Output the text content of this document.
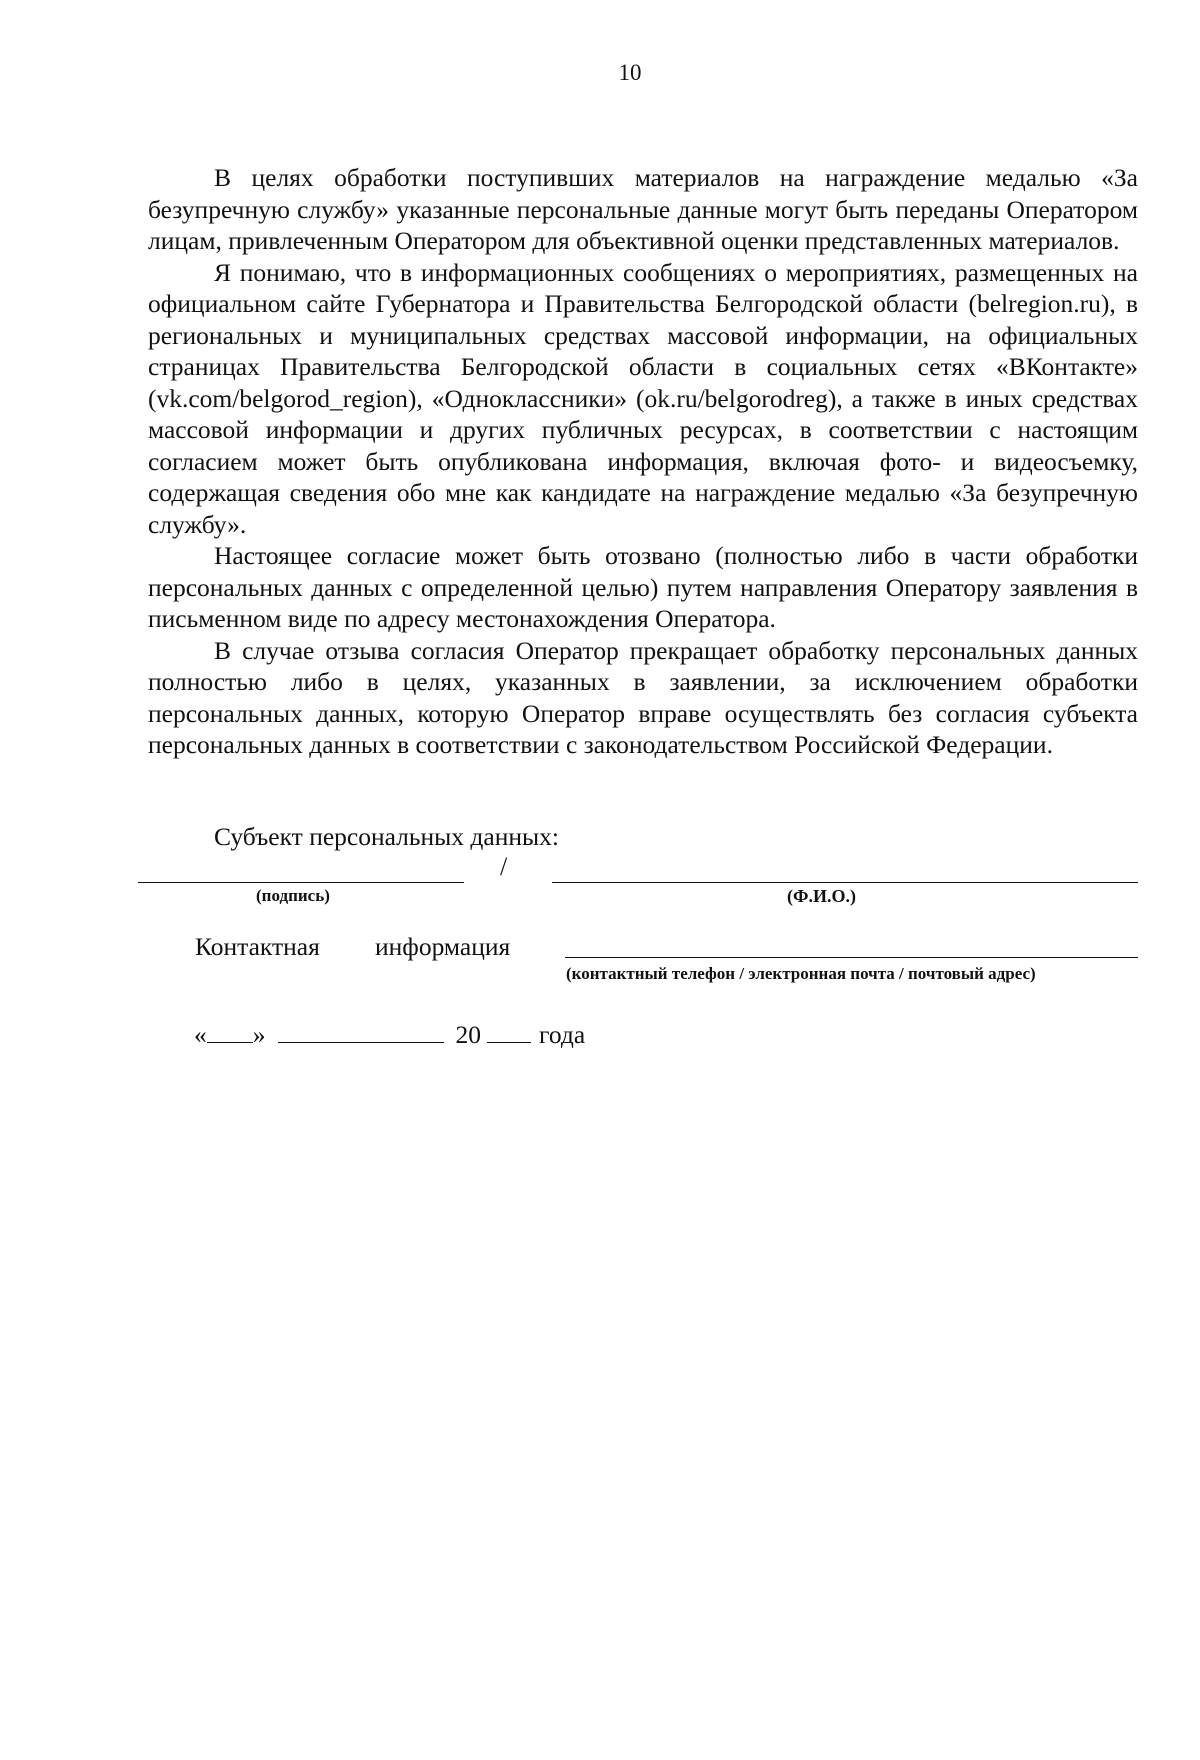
10

В целях обработки поступивших материалов на награждение медалью «За безупречную службу» указанные персональные данные могут быть переданы Оператором лицам, привлеченным Оператором для объективной оценки представленных материалов.

Я понимаю, что в информационных сообщениях о мероприятиях, размещенных на официальном сайте Губернатора и Правительства Белгородской области (belregion.ru), в региональных и муниципальных средствах массовой информации, на официальных страницах Правительства Белгородской области в социальных сетях «ВКонтакте» (vk.com/belgorod_region), «Одноклассники» (ok.ru/belgorodreg), а также в иных средствах массовой информации и других публичных ресурсах, в соответствии с настоящим согласием может быть опубликована информация, включая фото- и видеосъемку, содержащая сведения обо мне как кандидате на награждение медалью «За безупречную службу».

Настоящее согласие может быть отозвано (полностью либо в части обработки персональных данных с определенной целью) путем направления Оператору заявления в письменном виде по адресу местонахождения Оператора.

В случае отзыва согласия Оператор прекращает обработку персональных данных полностью либо в целях, указанных в заявлении, за исключением обработки персональных данных, которую Оператор вправе осуществлять без согласия субъекта персональных данных в соответствии с законодательством Российской Федерации.

Субъект персональных данных:
/
(подпись)	(Ф.И.О.)
Контактная информация
(контактный телефон / электронная почта / почтовый адрес)
« »	20 года
